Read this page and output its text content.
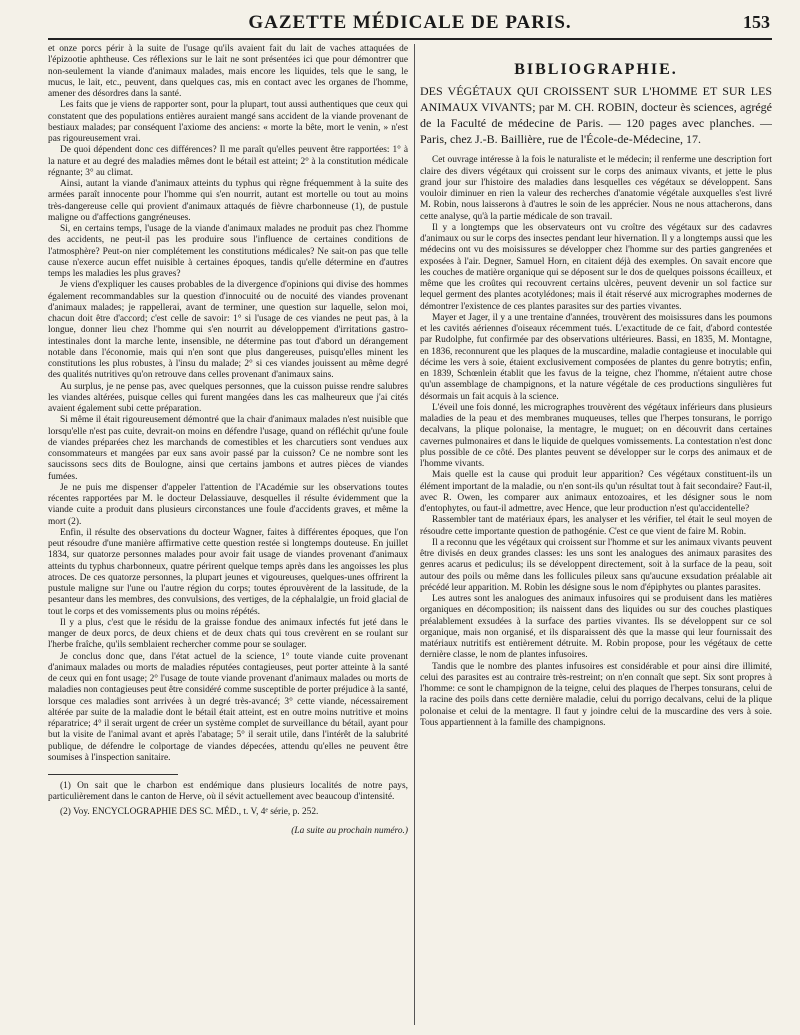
GAZETTE MÉDICALE DE PARIS.	153

et onze porcs périr à la suite de l'usage qu'ils avaient fait du lait de vaches attaquées de l'épizootie aphtheuse. Ces réflexions sur le lait ne sont présentées ici que pour démontrer que non-seulement la viande d'animaux malades, mais encore les liquides, tels que le sang, le mucus, le lait, etc., peuvent, dans quelques cas, mis en contact avec les organes de l'homme, amener des désordres dans la santé.

Les faits que je viens de rapporter sont, pour la plupart, tout aussi authentiques que ceux qui constatent que des populations entières auraient mangé sans accident de la viande provenant de bestiaux malades; par conséquent l'axiome des anciens: « morte la bête, mort le venin, » n'est pas rigoureusement vrai.

De quoi dépendent donc ces différences? Il me paraît qu'elles peuvent être rapportées: 1° à la nature et au degré des maladies mêmes dont le bétail est atteint; 2° à la constitution médicale régnante; 3° au climat.

Ainsi, autant la viande d'animaux atteints du typhus qui règne fréquemment à la suite des armées paraît innocente pour l'homme qui s'en nourrit, autant est mortelle ou tout au moins très-dangereuse celle qui provient d'animaux attaqués de fièvre charbonneuse (1), de pustule maligne ou d'affections gangréneuses.

Si, en certains temps, l'usage de la viande d'animaux malades ne produit pas chez l'homme des accidents, ne peut-il pas les produire sous l'influence de certaines conditions de l'atmosphère? Peut-on nier complétement les constitutions médicales? Ne sait-on pas que telle cause n'exerce aucun effet nuisible à certaines époques, tandis qu'elle détermine en d'autres temps les maladies les plus graves?

Je viens d'expliquer les causes probables de la divergence d'opinions qui divise des hommes également recommandables sur la question d'innocuité ou de nocuité des viandes provenant d'animaux malades; je rappellerai, avant de terminer, une question sur laquelle, selon moi, chacun doit être d'accord; c'est celle de savoir: 1° si l'usage de ces viandes ne peut pas, à la longue, donner lieu chez l'homme qui s'en nourrit au développement d'irritations gastro-intestinales dont la marche lente, insensible, ne détermine pas tout d'abord un dérangement notable dans l'économie, mais qui n'en sont que plus dangereuses, puisqu'elles minent les constitutions les plus robustes, à l'insu du malade; 2° si ces viandes jouissent au même degré des qualités nutritives qu'on retrouve dans celles provenant d'animaux sains.

Au surplus, je ne pense pas, avec quelques personnes, que la cuisson puisse rendre salubres les viandes altérées, puisque celles qui furent mangées dans les cas malheureux que j'ai cités avaient également subi cette préparation.

Si même il était rigoureusement démontré que la chair d'animaux malades n'est nuisible que lorsqu'elle n'est pas cuite, devrait-on moins en défendre l'usage, quand on réfléchit qu'une foule de viandes préparées chez les marchands de comestibles et les charcutiers sont vendues aux consommateurs et mangées par eux sans avoir passé par la cuisson? Ce ne nombre sont les saucissons secs dits de Boulogne, ainsi que certains jambons et autres pièces de viandes fumées.

Je ne puis me dispenser d'appeler l'attention de l'Académie sur les observations toutes récentes rapportées par M. le docteur Delassiauve, desquelles il résulte évidemment que la viande cuite a produit dans plusieurs circonstances une foule d'accidents graves, et même la mort (2).

Enfin, il résulte des observations du docteur Wagner, faites à différentes époques, que l'on peut résoudre d'une manière affirmative cette question restée si longtemps douteuse. En juillet 1834, sur quatorze personnes malades pour avoir fait usage de viandes provenant d'animaux atteints du typhus charbonneux, quatre périrent quelque temps après dans les angoisses les plus atroces. De ces quatorze personnes, la plupart jeunes et vigoureuses, quelques-unes offrirent la pustule maligne sur l'une ou l'autre région du corps; toutes éprouvèrent de la lassitude, de la pesanteur dans les membres, des convulsions, des vertiges, de la céphalalgie, un froid glacial de tout le corps et des vomissements plus ou moins répétés.

Il y a plus, c'est que le résidu de la graisse fondue des animaux infectés fut jeté dans le manger de deux porcs, de deux chiens et de deux chats qui tous crevèrent en se roulant sur l'herbe fraîche, qu'ils semblaient rechercher comme pour se soulager.

Je conclus donc que, dans l'état actuel de la science, 1° toute viande cuite provenant d'animaux malades ou morts de maladies réputées contagieuses, peut porter atteinte à la santé de ceux qui en font usage; 2° l'usage de toute viande provenant d'animaux malades ou morts de maladies non contagieuses peut être considéré comme susceptible de porter préjudice à la santé, lorsque ces maladies sont arrivées à un degré très-avancé; 3° cette viande, nécessairement altérée par suite de la maladie dont le bétail était atteint, est en outre moins nutritive et moins réparatrice; 4° il serait urgent de créer un système complet de surveillance du bétail, ayant pour but la visite de l'animal avant et après l'abatage; 5° il serait utile, dans l'intérêt de la salubrité publique, de défendre le colportage de viandes dépecées, attendu qu'elles ne peuvent être soumises à l'inspection sanitaire.

(1) On sait que le charbon est endémique dans plusieurs localités de notre pays, particulièrement dans le canton de Herve, où il sévit actuellement avec beaucoup d'intensité.

(2) Voy. ENCYCLOGRAPHIE DES SC. MÉD., t. V, 4ᵉ série, p. 252.

(La suite au prochain numéro.)

BIBLIOGRAPHIE.

DES VÉGÉTAUX QUI CROISSENT SUR L'HOMME ET SUR LES ANIMAUX VIVANTS; par M. CH. ROBIN, docteur ès sciences, agrégé de la Faculté de médecine de Paris. — 120 pages avec planches. — Paris, chez J.-B. Baillière, rue de l'École-de-Médecine, 17.

Cet ouvrage intéresse à la fois le naturaliste et le médecin; il renferme une description fort claire des divers végétaux qui croissent sur le corps des animaux vivants, et jette le plus grand jour sur l'histoire des maladies dans lesquelles ces végétaux se développent. Sans vouloir diminuer en rien la valeur des recherches d'anatomie végétale auxquelles s'est livré M. Robin, nous laisserons à d'autres le soin de les apprécier. Nous ne nous attacherons, dans cette analyse, qu'à la partie médicale de son travail.

Il y a longtemps que les observateurs ont vu croître des végétaux sur des cadavres d'animaux ou sur le corps des insectes pendant leur hivernation. Il y a longtemps aussi que les médecins ont vu des moisissures se développer chez l'homme sur des parties gangrenées et exposées à l'air. Degner, Samuel Horn, en citaient déjà des exemples. On savait encore que les couches de matière organique qui se déposent sur le dos de quelques poissons écailleux, et même que les croûtes qui recouvrent certains ulcères, peuvent devenir un sol factice sur lequel germent des plantes acotylédones; mais il était réservé aux micrographes modernes de démontrer l'existence de ces plantes parasites sur des parties vivantes.

Mayer et Jager, il y a une trentaine d'années, trouvèrent des moisissures dans les poumons et les cavités aériennes d'oiseaux récemment tués. L'exactitude de ce fait, d'abord contestée par Rudolphe, fut confirmée par des observations ultérieures. Bassi, en 1835, M. Montagne, en 1836, reconnurent que les plaques de la muscardine, maladie contagieuse et inoculable qui décime les vers à soie, étaient exclusivement composées de plantes du genre botrytis; enfin, en 1839, Schœnlein établit que les favus de la teigne, chez l'homme, n'étaient autre chose qu'un assemblage de champignons, et la nature végétale de ces productions singulières fut désormais un fait acquis à la science.

L'éveil une fois donné, les micrographes trouvèrent des végétaux inférieurs dans plusieurs maladies de la peau et des membranes muqueuses, telles que l'herpes tonsurans, le porrigo decalvans, la plique polonaise, la mentagre, le muguet; on en découvrit dans certaines cavernes pulmonaires et dans le liquide de quelques vomissements. La contestation n'est donc plus possible de ce côté. Des plantes peuvent se développer sur le corps des animaux et de l'homme vivants.

Mais quelle est la cause qui produit leur apparition? Ces végétaux constituent-ils un élément important de la maladie, ou n'en sont-ils qu'un résultat tout à fait secondaire? Faut-il, avec R. Owen, les comparer aux animaux entozoaires, et les désigner sous le nom d'entophytes, ou faut-il admettre, avec Hence, que leur production n'est qu'accidentelle?

Rassembler tant de matériaux épars, les analyser et les vérifier, tel était le seul moyen de résoudre cette importante question de pathogénie. C'est ce que vient de faire M. Robin.

Il a reconnu que les végétaux qui croissent sur l'homme et sur les animaux vivants peuvent être divisés en deux grandes classes: les uns sont les analogues des animaux parasites des genres acarus et pediculus; ils se développent directement, soit à la surface de la peau, soit autour des poils ou même dans les follicules pileux sans qu'aucune exsudation préalable ait précédé leur apparition. M. Robin les désigne sous le nom d'épiphytes ou plantes parasites.

Les autres sont les analogues des animaux infusoires qui se produisent dans les matières organiques en décomposition; ils naissent dans des liquides ou sur des couches plastiques préalablement exsudées à la surface des parties vivantes. Ils se développent sur ce sol organique, mais non organisé, et ils disparaissent dès que la masse qui leur fournissait des matériaux nutritifs est entièrement détruite. M. Robin propose, pour les végétaux de cette dernière classe, le nom de plantes infusoires.

Tandis que le nombre des plantes infusoires est considérable et pour ainsi dire illimité, celui des parasites est au contraire très-restreint; on n'en connaît que sept. Six sont propres à l'homme: ce sont le champignon de la teigne, celui des plaques de l'herpes tonsurans, celui de la racine des poils dans cette dernière maladie, celui du porrigo decalvans, celui de la plique polonaise et celui de la mentagre. Il faut y joindre celui de la muscardine des vers à soie. Tous appartiennent à la famille des champignons.
